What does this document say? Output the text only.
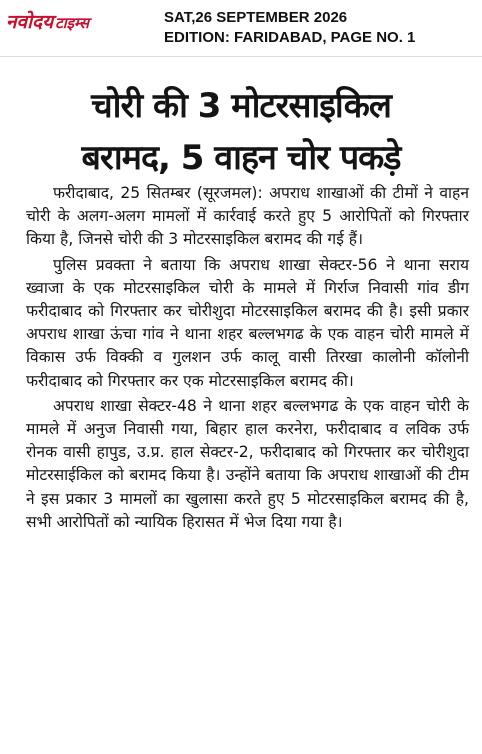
नवोदय टाइम्स	SAT,26 SEPTEMBER 2026
EDITION: FARIDABAD, PAGE NO. 1
चोरी की 3 मोटरसाइकिल
बरामद, 5 वाहन चोर पकड़े

फरीदाबाद, 25 सितम्बर (सूरजमल): अपराध शाखाओं की टीमों ने वाहन चोरी के अलग-अलग मामलों में कार्रवाई करते हुए 5 आरोपितों को गिरफ्तार किया है, जिनसे चोरी की 3 मोटरसाइकिल बरामद की गई हैं।

पुलिस प्रवक्ता ने बताया कि अपराध शाखा सेक्टर-56 ने थाना सराय ख्वाजा के एक मोटरसाइकिल चोरी के मामले में गिर्राज निवासी गांव डीग फरीदाबाद को गिरफ्तार कर चोरीशुदा मोटरसाइकिल बरामद की है। इसी प्रकार अपराध शाखा ऊंचा गांव ने थाना शहर बल्लभगढ के एक वाहन चोरी मामले में विकास उर्फ विक्की व गुलशन उर्फ कालू वासी तिरखा कालोनी कॉलोनी फरीदाबाद को गिरफ्तार कर एक मोटरसाइकिल बरामद की।

अपराध शाखा सेक्टर-48 ने थाना शहर बल्लभगढ के एक वाहन चोरी के मामले में अनुज निवासी गया, बिहार हाल करनेरा, फरीदाबाद व लविक उर्फ रोनक वासी हापुड, उ.प्र. हाल सेक्टर-2, फरीदाबाद को गिरफ्तार कर चोरीशुदा मोटरसाईकिल को बरामद किया है। उन्होंने बताया कि अपराध शाखाओं की टीम ने इस प्रकार 3 मामलों का खुलासा करते हुए 5 मोटरसाइकिल बरामद की है, सभी आरोपितों को न्यायिक हिरासत में भेज दिया गया है।
